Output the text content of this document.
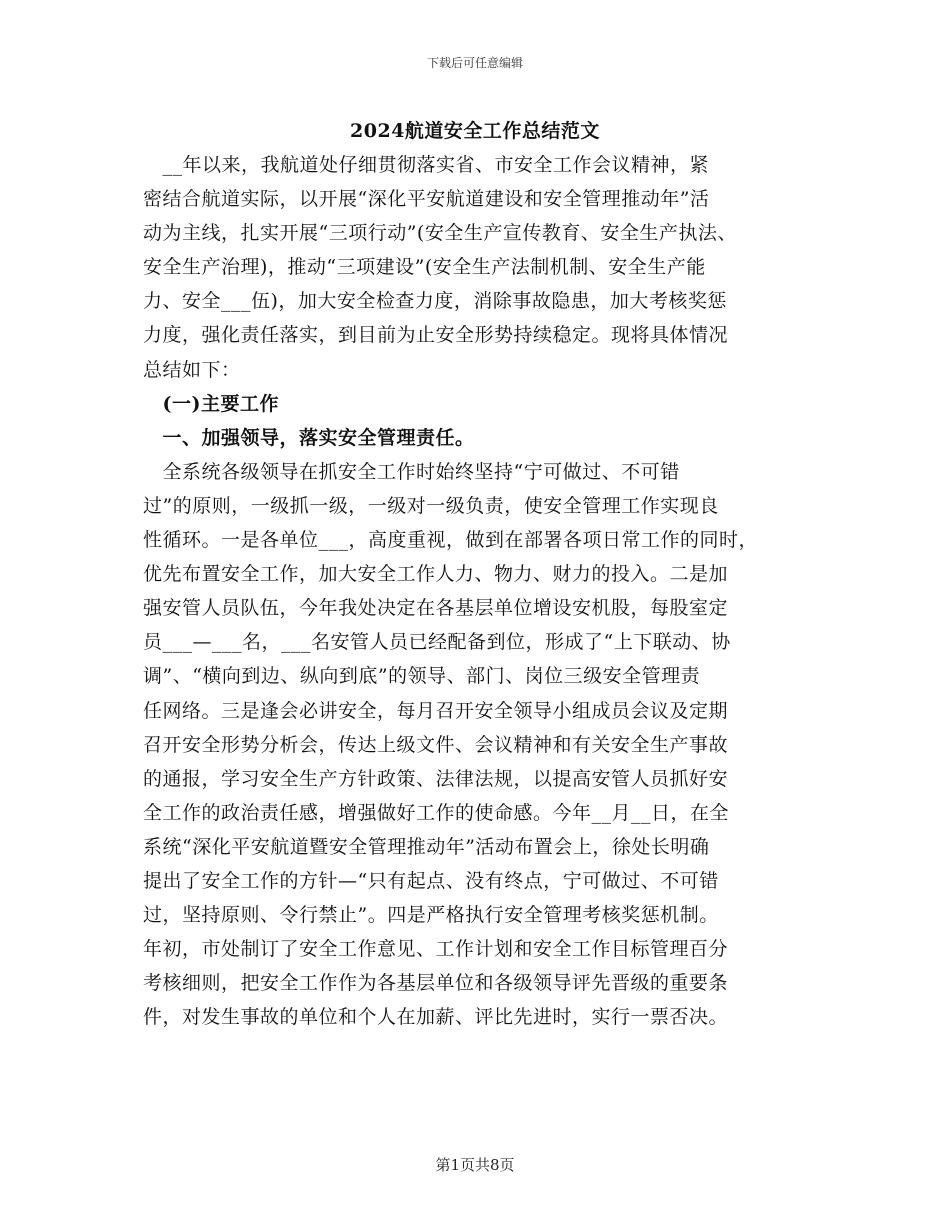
下载后可任意编辑
2024航道安全工作总结范文
　__年以来，我航道处仔细贯彻落实省、市安全工作会议精神，紧
密结合航道实际，以开展“深化平安航道建设和安全管理推动年”活
动为主线，扎实开展“三项行动”(安全生产宣传教育、安全生产执法、
安全生产治理)，推动“三项建设”(安全生产法制机制、安全生产能
力、安全___伍)，加大安全检查力度，消除事故隐患，加大考核奖惩
力度，强化责任落实，到目前为止安全形势持续稳定。现将具体情况
总结如下：
　(一)主要工作
　一、加强领导，落实安全管理责任。
　全系统各级领导在抓安全工作时始终坚持“宁可做过、不可错
过”的原则，一级抓一级，一级对一级负责，使安全管理工作实现良
性循环。一是各单位___，高度重视，做到在部署各项日常工作的同时，
优先布置安全工作，加大安全工作人力、物力、财力的投入。二是加
强安管人员队伍，今年我处决定在各基层单位增设安机股，每股室定
员___—___名，___名安管人员已经配备到位，形成了“上下联动、协
调”、“横向到边、纵向到底”的领导、部门、岗位三级安全管理责
任网络。三是逢会必讲安全，每月召开安全领导小组成员会议及定期
召开安全形势分析会，传达上级文件、会议精神和有关安全生产事故
的通报，学习安全生产方针政策、法律法规，以提高安管人员抓好安
全工作的政治责任感，增强做好工作的使命感。今年__月__日，在全
系统“深化平安航道暨安全管理推动年”活动布置会上，徐处长明确
提出了安全工作的方针—“只有起点、没有终点，宁可做过、不可错
过，坚持原则、令行禁止”。四是严格执行安全管理考核奖惩机制。
年初，市处制订了安全工作意见、工作计划和安全工作目标管理百分
考核细则，把安全工作作为各基层单位和各级领导评先晋级的重要条
件，对发生事故的单位和个人在加薪、评比先进时，实行一票否决。
第1页共8页
